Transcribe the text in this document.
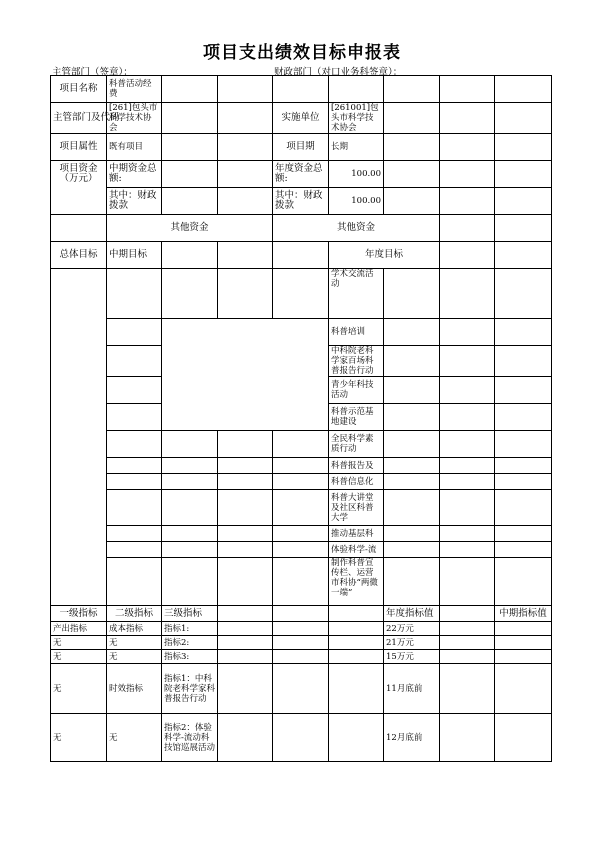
项目支出绩效目标申报表
主管部门（签章）：	财政部门（对口业务科签章）：
项目名称	科普活动经费							
主管部门及代码	[261]包头市科学技术协会			实施单位	[261001]包头市科学技术协会			
项目属性	既有项目			项目期	长期			
项目资金（万元）	中期资金总额:			年度资金总额:	100.00			
	其中：财政拨款			其中：财政拨款	100.00			
	其他资金			其他资金				
总体目标	中期目标				年度目标			
					学术交流活动			
					科普培训			
					中科院老科学家百场科普报告行动			
					青少年科技活动			
					科普示范基地建设			
					全民科学素质行动			
					科普报告及			
					科普信息化			
					科普大讲堂及社区科普大学			
					推动基层科			
					体验科学-流			
					制作科普宣传栏、运营市科协“两微一端”			
一级指标	二级指标	三级指标				年度指标值		中期指标值
产出指标	成本指标	指标1:				22万元		
无	无	指标2:				21万元		
无	无	指标3:				15万元		
无	时效指标	指标1：中科院老科学家科普报告行动				11月底前		
无	无	指标2：体验科学-流动科技馆巡展活动				12月底前		
